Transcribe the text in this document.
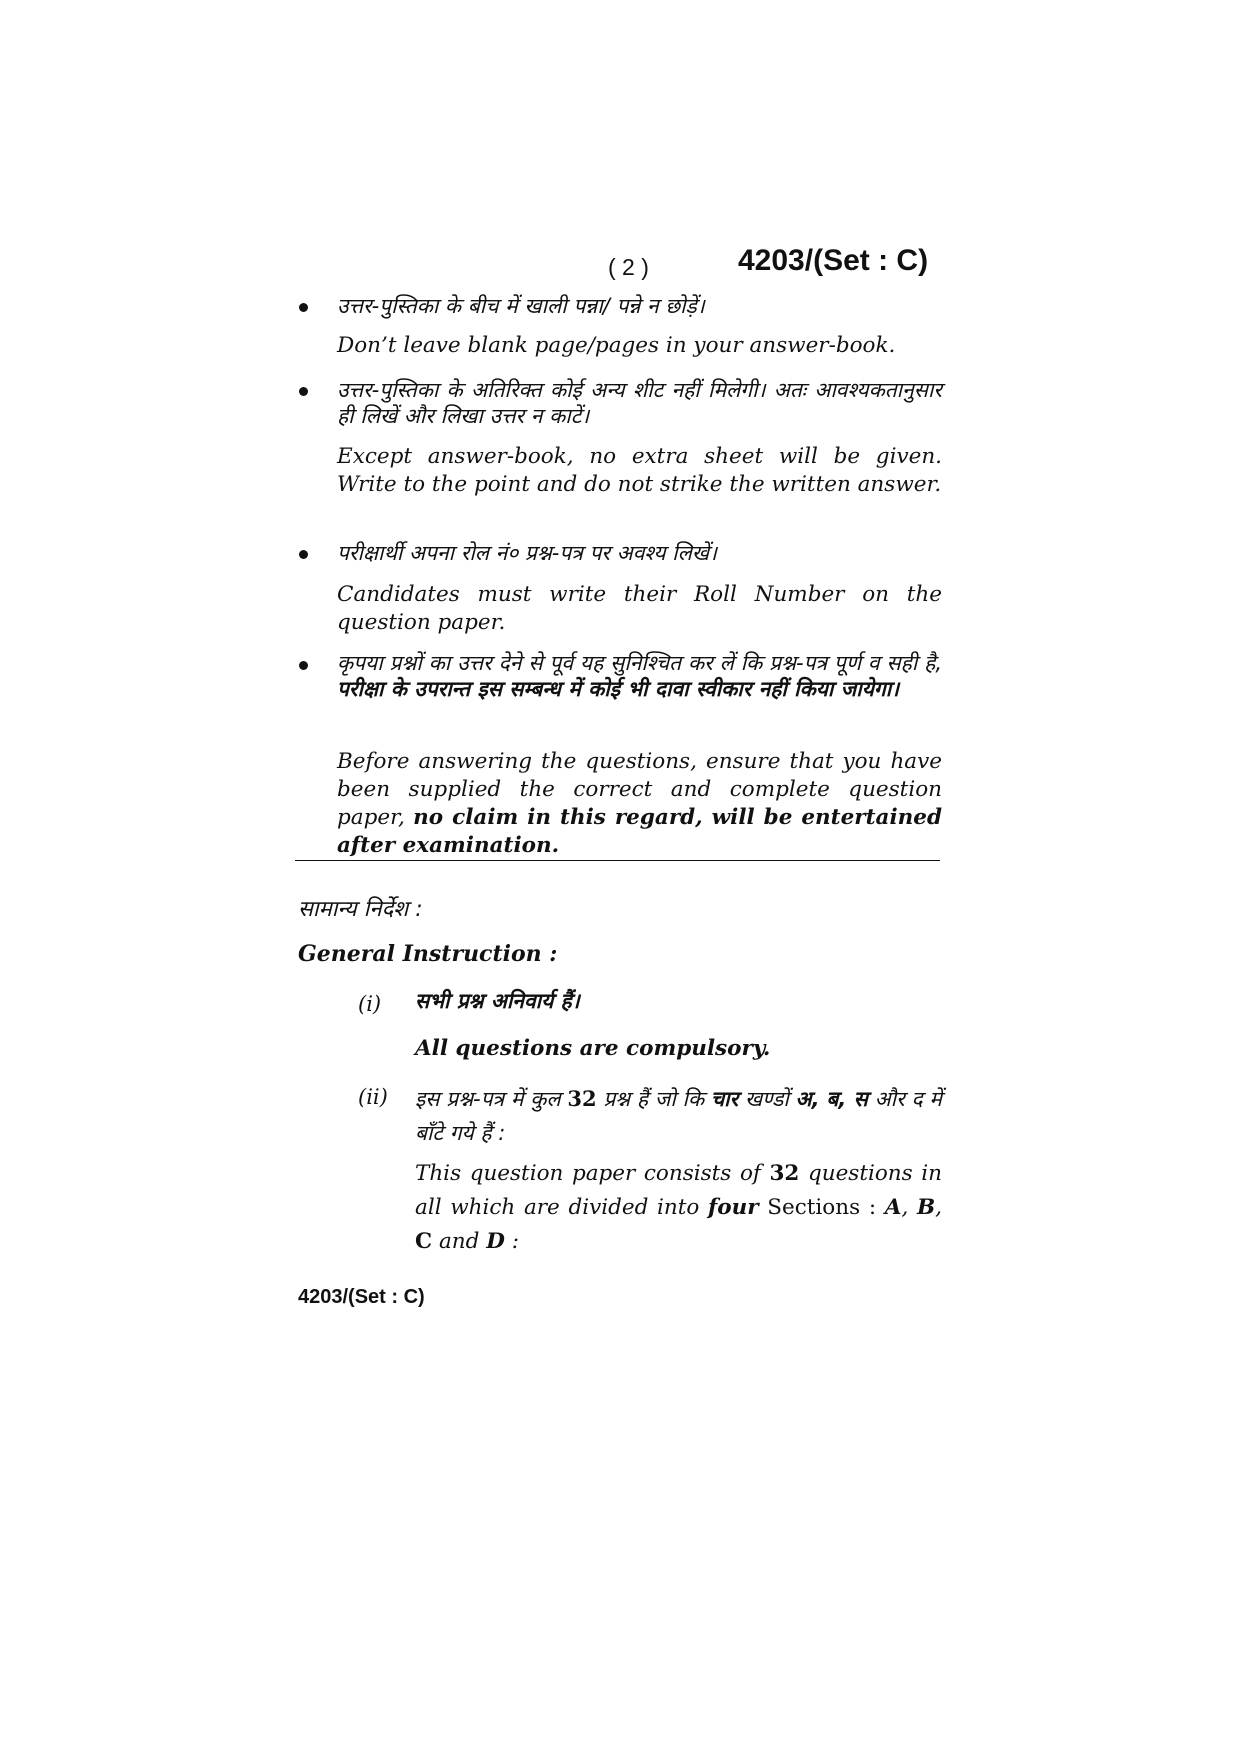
( 2 )	4203/(Set : C)
उत्तर-पुस्तिका के बीच में खाली पन्ना/ पन्ने न छोड़ें।
Don’t leave blank page/pages in your answer-book.
उत्तर-पुस्तिका के अतिरिक्त कोई अन्य शीट नहीं मिलेगी। अतः आवश्यकतानुसार ही लिखें और लिखा उत्तर न काटें।
Except answer-book, no extra sheet will be given. Write to the point and do not strike the written answer.
परीक्षार्थी अपना रोल नं० प्रश्न-पत्र पर अवश्य लिखें।
Candidates must write their Roll Number on the question paper.
कृपया प्रश्नों का उत्तर देने से पूर्व यह सुनिश्चित कर लें कि प्रश्न-पत्र पूर्ण व सही है, परीक्षा के उपरान्त इस सम्बन्ध में कोई भी दावा स्वीकार नहीं किया जायेगा।
Before answering the questions, ensure that you have been supplied the correct and complete question paper, no claim in this regard, will be entertained after examination.
सामान्य निर्देश :
General Instruction :
(i) सभी प्रश्न अनिवार्य हैं।
All questions are compulsory.
(ii) इस प्रश्न-पत्र में कुल 32 प्रश्न हैं जो कि चार खण्डों अ, ब, स और द में बाँटे गये हैं :
This question paper consists of 32 questions in all which are divided into four Sections : A, B, C and D :
4203/(Set : C)
